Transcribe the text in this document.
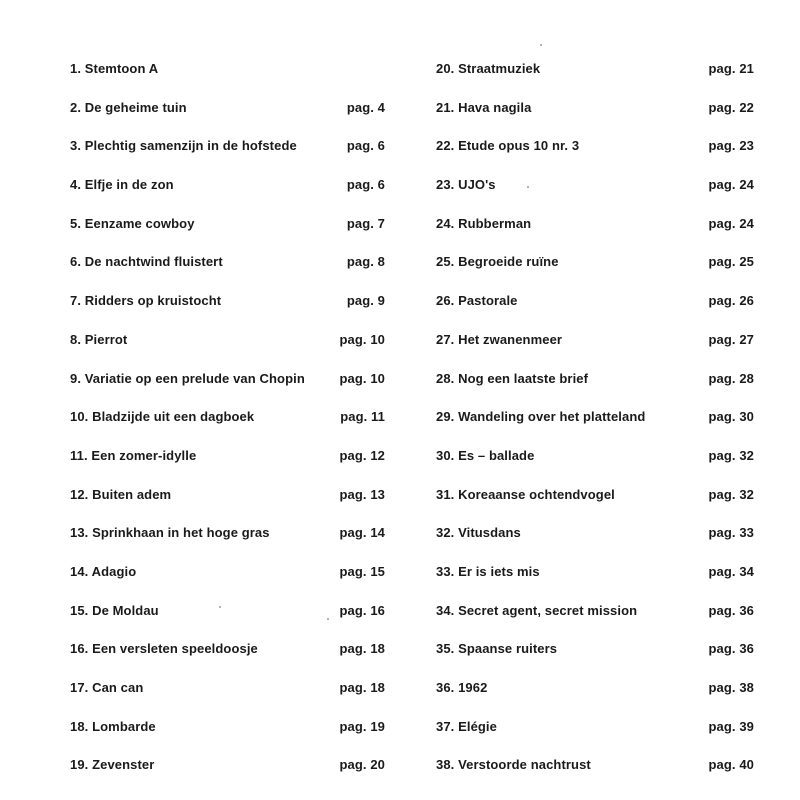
1. Stemtoon A
2. De geheime tuin	pag. 4
3. Plechtig samenzijn in de hofstede	pag. 6
4. Elfje in de zon	pag. 6
5. Eenzame cowboy	pag. 7
6. De nachtwind fluistert	pag. 8
7. Ridders op kruistocht	pag. 9
8. Pierrot	pag. 10
9. Variatie op een prelude van Chopin	pag. 10
10. Bladzijde uit een dagboek	pag. 11
11. Een zomer-idylle	pag. 12
12. Buiten adem	pag. 13
13. Sprinkhaan in het hoge gras	pag. 14
14. Adagio	pag. 15
15. De Moldau	pag. 16
16. Een versleten speeldoosje	pag. 18
17. Can can	pag. 18
18. Lombarde	pag. 19
19. Zevenster	pag. 20
20. Straatmuziek	pag. 21
21. Hava nagila	pag. 22
22. Etude opus 10 nr. 3	pag. 23
23. UJO's	pag. 24
24. Rubberman	pag. 24
25. Begroeide ruïne	pag. 25
26. Pastorale	pag. 26
27. Het zwanenmeer	pag. 27
28. Nog een laatste brief	pag. 28
29. Wandeling over het platteland	pag. 30
30. Es – ballade	pag. 32
31. Koreaanse ochtendvogel	pag. 32
32. Vitusdans	pag. 33
33. Er is iets mis	pag. 34
34. Secret agent, secret mission	pag. 36
35. Spaanse ruiters	pag. 36
36. 1962	pag. 38
37. Elégie	pag. 39
38. Verstoorde nachtrust	pag. 40
